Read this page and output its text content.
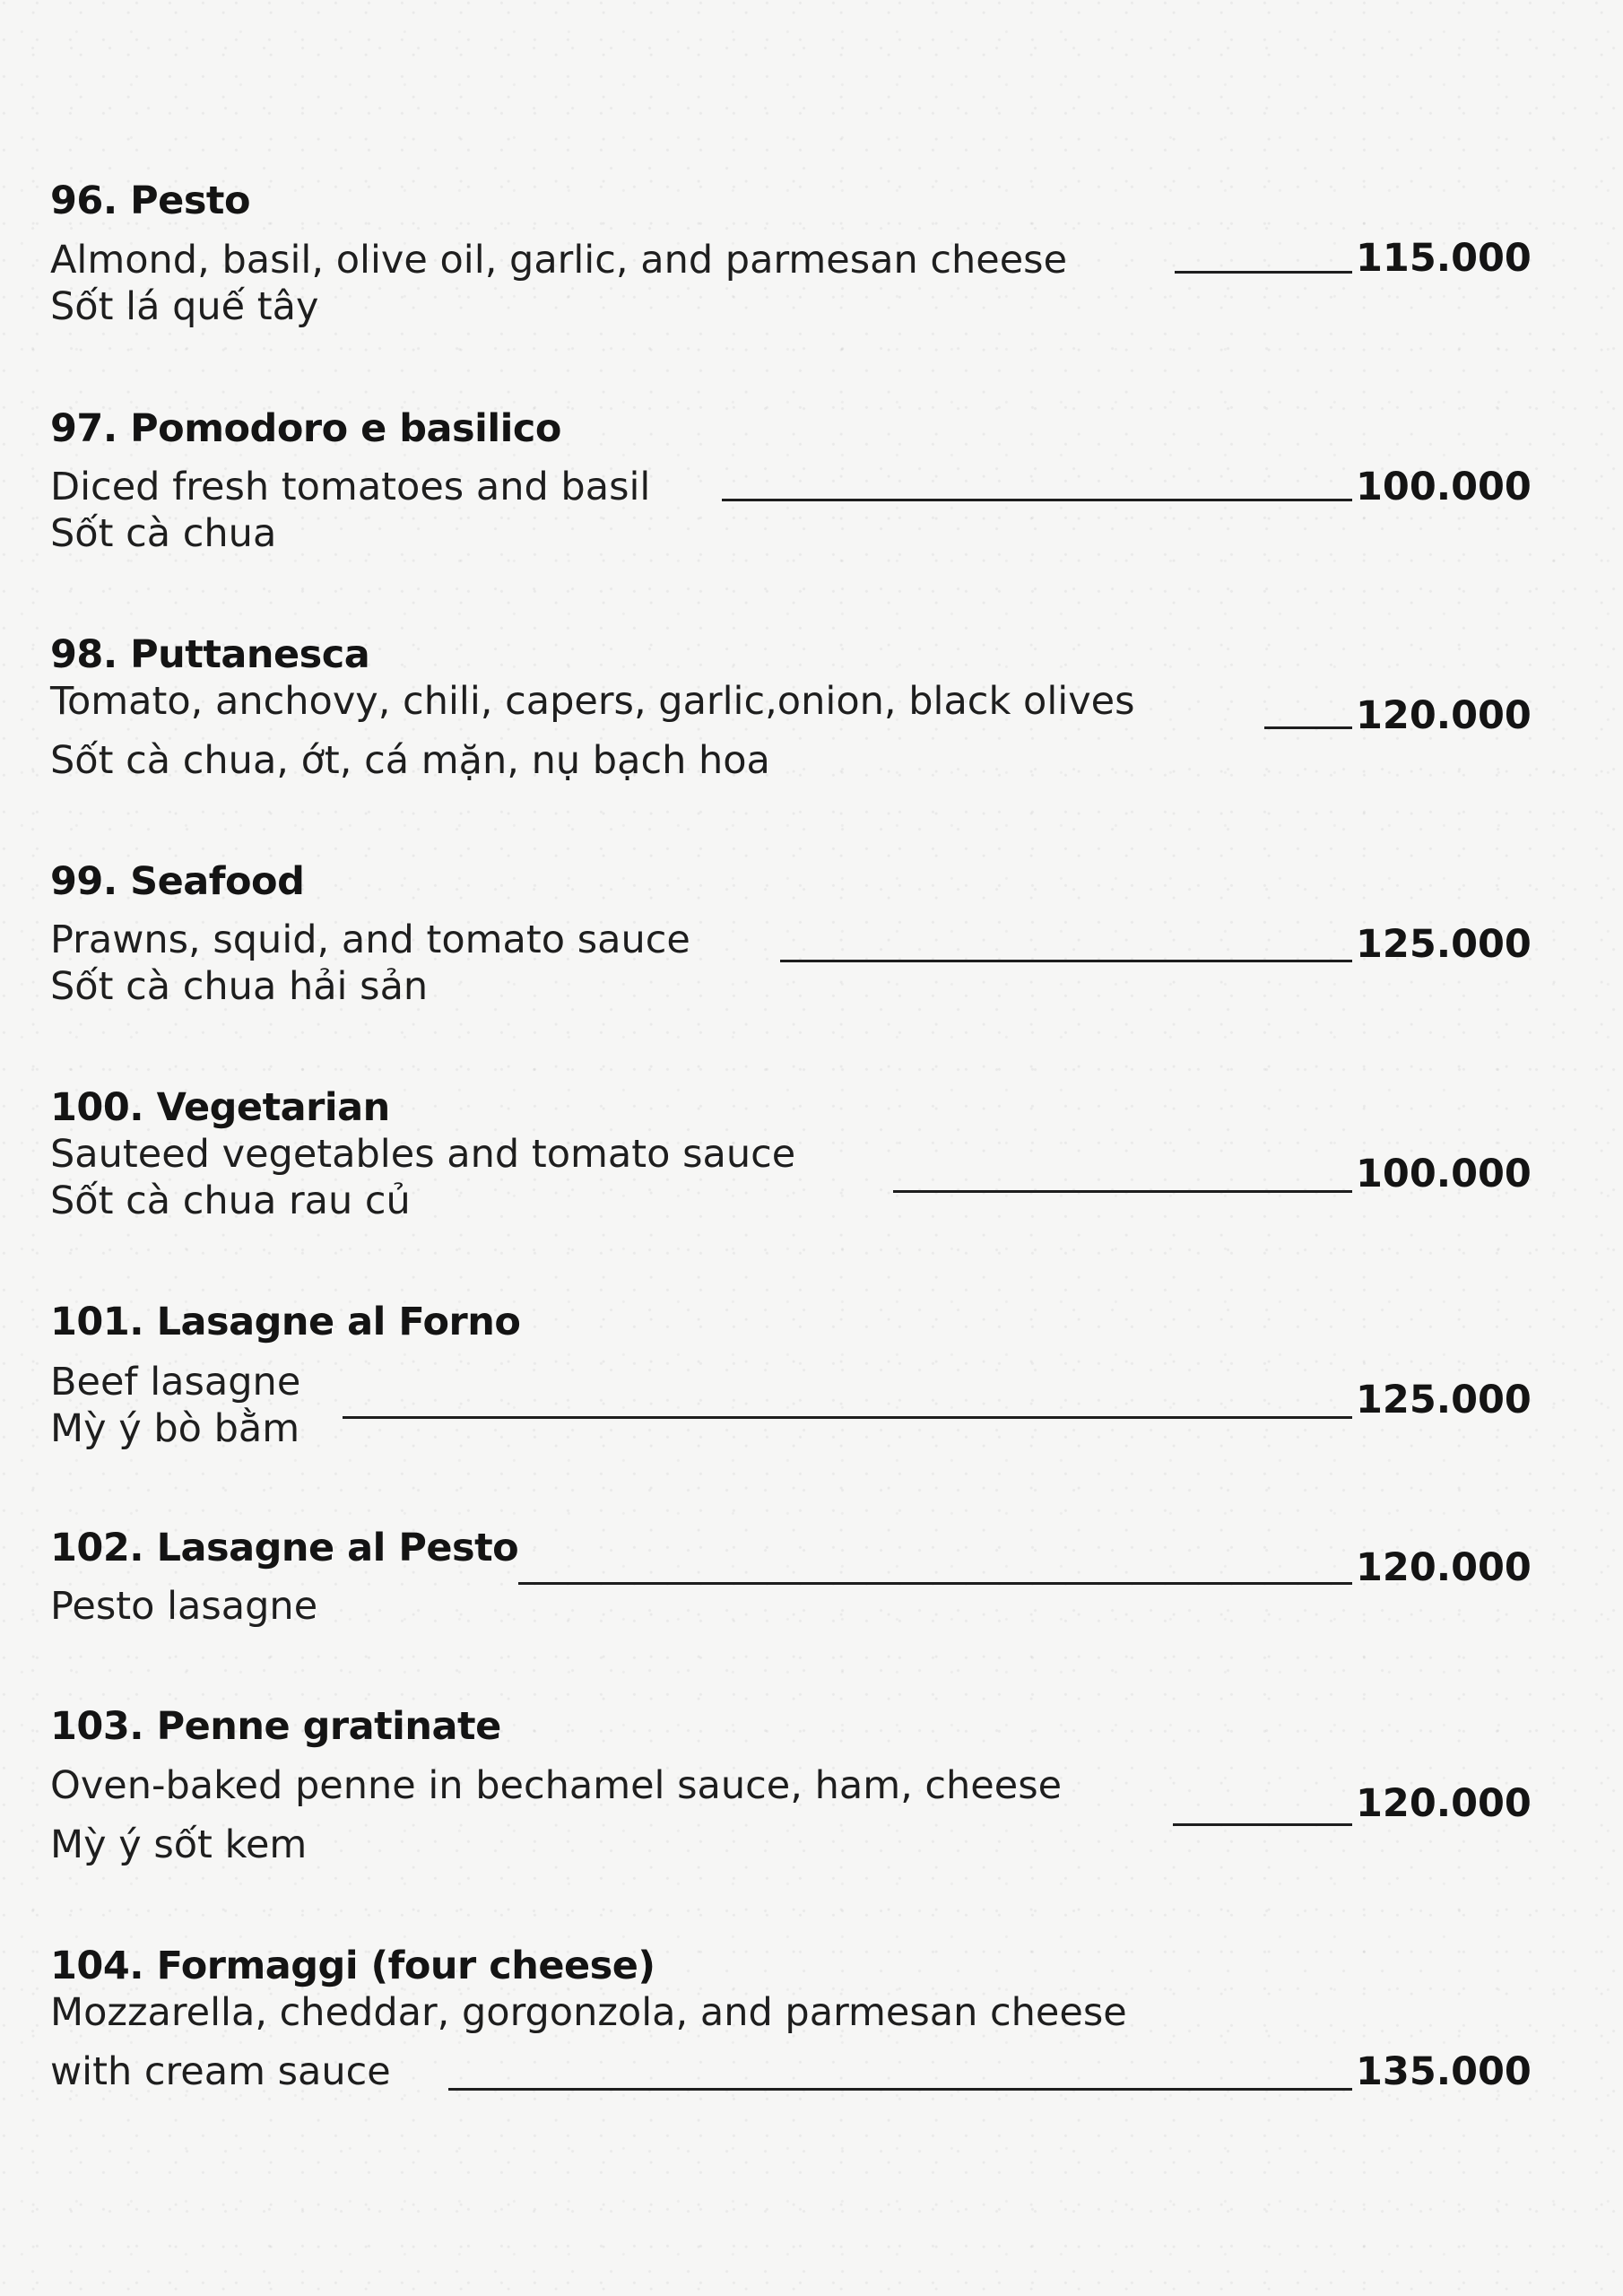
96. Pesto
Almond, basil, olive oil, garlic, and parmesan cheese
Sốt lá quế tây
115.000
97. Pomodoro e basilico
Diced fresh tomatoes and basil
Sốt cà chua
100.000
98. Puttanesca
Tomato, anchovy, chili, capers, garlic,onion, black olives
Sốt cà chua, ớt, cá mặn, nụ bạch hoa
120.000
99. Seafood
Prawns, squid, and tomato sauce
Sốt cà chua hải sản
125.000
100. Vegetarian
Sauteed vegetables and tomato sauce
Sốt cà chua rau củ
100.000
101. Lasagne al Forno
Beef lasagne
Mỳ ý bò bằm
125.000
102. Lasagne al Pesto
Pesto lasagne
120.000
103. Penne gratinate
Oven-baked penne in bechamel sauce, ham, cheese
Mỳ ý sốt kem
120.000
104. Formaggi (four cheese)
Mozzarella, cheddar, gorgonzola, and parmesan cheese
with cream sauce	135.000
